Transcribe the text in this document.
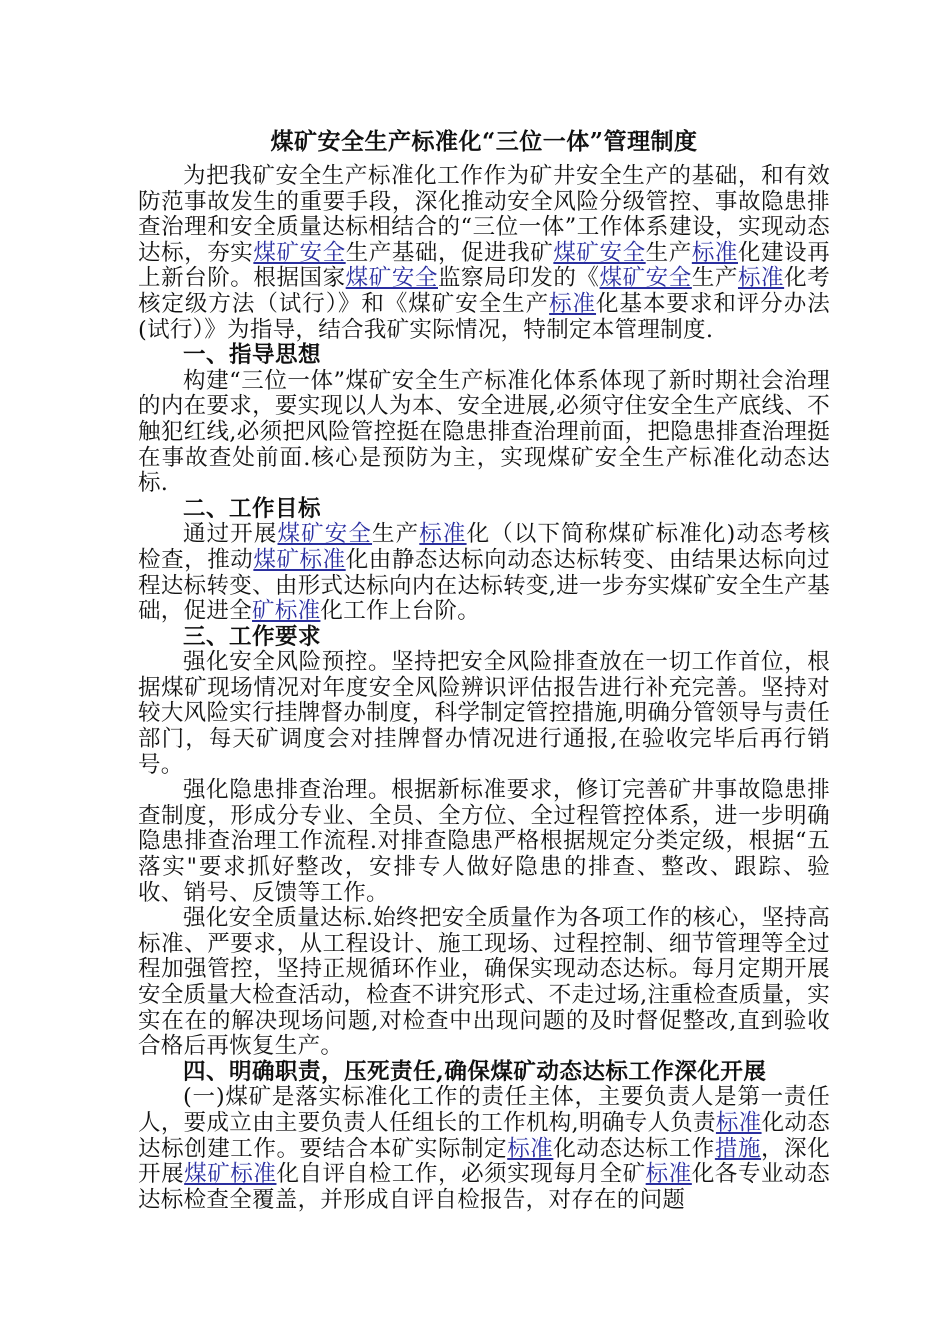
煤矿安全生产标准化“三位一体”管理制度

为把我矿安全生产标准化工作作为矿井安全生产的基础，和有效防范事故发生的重要手段，深化推动安全风险分级管控、事故隐患排查治理和安全质量达标相结合的“三位一体”工作体系建设，实现动态达标，夯实煤矿安全生产基础，促进我矿煤矿安全生产标准化建设再上新台阶。根据国家煤矿安全监察局印发的《煤矿安全生产标准化考核定级方法（试行）》和《煤矿安全生产标准化基本要求和评分办法(试行）》为指导，结合我矿实际情况，特制定本管理制度.

一、指导思想

构建“三位一体”煤矿安全生产标准化体系体现了新时期社会治理的内在要求，要实现以人为本、安全进展,必须守住安全生产底线、不触犯红线,必须把风险管控挺在隐患排查治理前面，把隐患排查治理挺在事故查处前面.核心是预防为主，实现煤矿安全生产标准化动态达标.

二、工作目标

通过开展煤矿安全生产标准化（以下简称煤矿标准化)动态考核检查，推动煤矿标准化由静态达标向动态达标转变、由结果达标向过程达标转变、由形式达标向内在达标转变,进一步夯实煤矿安全生产基础，促进全矿标准化工作上台阶。

三、工作要求

强化安全风险预控。坚持把安全风险排查放在一切工作首位，根据煤矿现场情况对年度安全风险辨识评估报告进行补充完善。坚持对较大风险实行挂牌督办制度，科学制定管控措施,明确分管领导与责任部门，每天矿调度会对挂牌督办情况进行通报,在验收完毕后再行销号。

强化隐患排查治理。根据新标准要求，修订完善矿井事故隐患排查制度，形成分专业、全员、全方位、全过程管控体系，进一步明确隐患排查治理工作流程.对排查隐患严格根据规定分类定级，根据“五落实"要求抓好整改，安排专人做好隐患的排查、整改、跟踪、验收、销号、反馈等工作。

强化安全质量达标.始终把安全质量作为各项工作的核心，坚持高标准、严要求，从工程设计、施工现场、过程控制、细节管理等全过程加强管控，坚持正规循环作业，确保实现动态达标。每月定期开展安全质量大检查活动，检查不讲究形式、不走过场,注重检查质量，实实在在的解决现场问题,对检查中出现问题的及时督促整改,直到验收合格后再恢复生产。

四、明确职责，压死责任,确保煤矿动态达标工作深化开展

(一)煤矿是落实标准化工作的责任主体，主要负责人是第一责任人，要成立由主要负责人任组长的工作机构,明确专人负责标准化动态达标创建工作。要结合本矿实际制定标准化动态达标工作措施，深化开展煤矿标准化自评自检工作，必须实现每月全矿标准化各专业动态达标检查全覆盖，并形成自评自检报告，对存在的问题
